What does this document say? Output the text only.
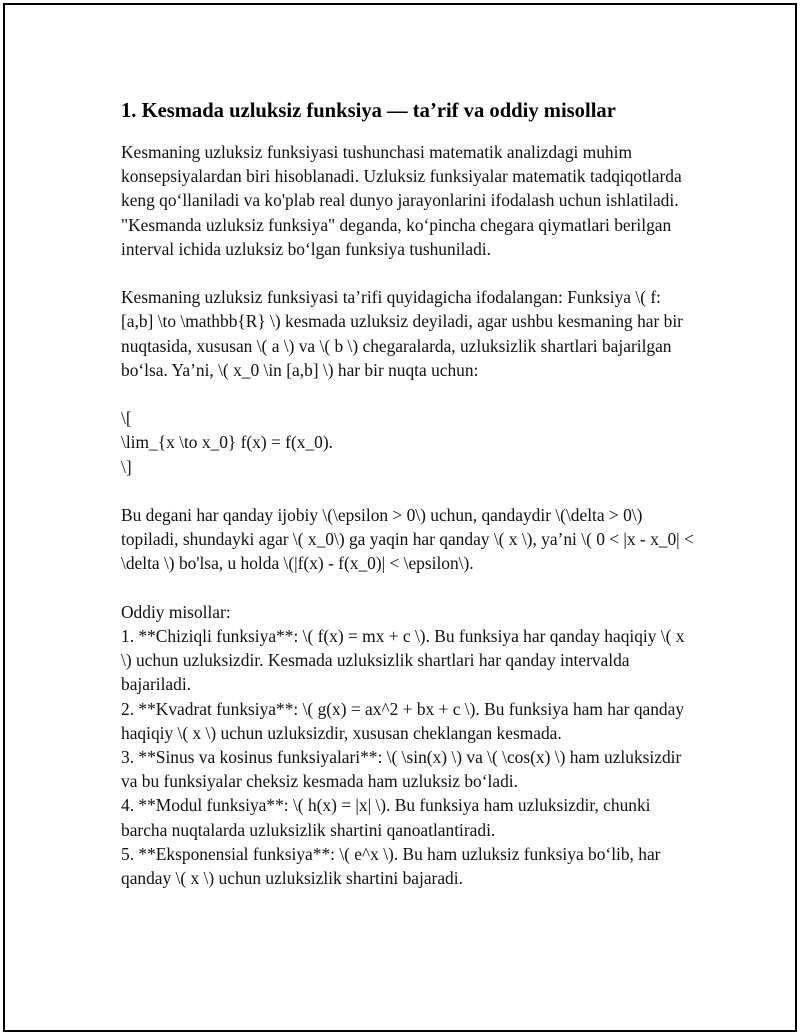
1. Kesmada uzluksiz funksiya — ta’rif va oddiy misollar

Kesmaning uzluksiz funksiyasi tushunchasi matematik analizdagi muhim konsepsiyalardan biri hisoblanadi. Uzluksiz funksiyalar matematik tadqiqotlarda keng qo‘llaniladi va ko'plab real dunyo jarayonlarini ifodalash uchun ishlatiladi. "Kesmanda uzluksiz funksiya" deganda, ko‘pincha chegara qiymatlari berilgan interval ichida uzluksiz bo‘lgan funksiya tushuniladi.

Kesmaning uzluksiz funksiyasi ta’rifi quyidagicha ifodalangan: Funksiya \( f: [a,b] \to \mathbb{R} \) kesmada uzluksiz deyiladi, agar ushbu kesmaning har bir nuqtasida, xususan \( a \) va \( b \) chegaralarda, uzluksizlik shartlari bajarilgan bo‘lsa. Ya’ni, \( x_0 \in [a,b] \) har bir nuqta uchun:

\[
\lim_{x \to x_0} f(x) = f(x_0).
\]

Bu degani har qanday ijobiy \(\epsilon > 0\) uchun, qandaydir \(\delta > 0\) topiladi, shundayki agar \( x_0\) ga yaqin har qanday \( x \), ya’ni \( 0 < |x - x_0| < \delta \) bo'lsa, u holda \(|f(x) - f(x_0)| < \epsilon\).

Oddiy misollar:
1. **Chiziqli funksiya**: \( f(x) = mx + c \). Bu funksiya har qanday haqiqiy \( x \) uchun uzluksizdir. Kesmada uzluksizlik shartlari har qanday intervalda bajariladi.
2. **Kvadrat funksiya**: \( g(x) = ax^2 + bx + c \). Bu funksiya ham har qanday haqiqiy \( x \) uchun uzluksizdir, xususan cheklangan kesmada.
3. **Sinus va kosinus funksiyalari**: \( \sin(x) \) va \( \cos(x) \) ham uzluksizdir va bu funksiyalar cheksiz kesmada ham uzluksiz bo‘ladi.
4. **Modul funksiya**: \( h(x) = |x| \). Bu funksiya ham uzluksizdir, chunki barcha nuqtalarda uzluksizlik shartini qanoatlantiradi.
5. **Eksponensial funksiya**: \( e^x \). Bu ham uzluksiz funksiya bo‘lib, har qanday \( x \) uchun uzluksizlik shartini bajaradi.
